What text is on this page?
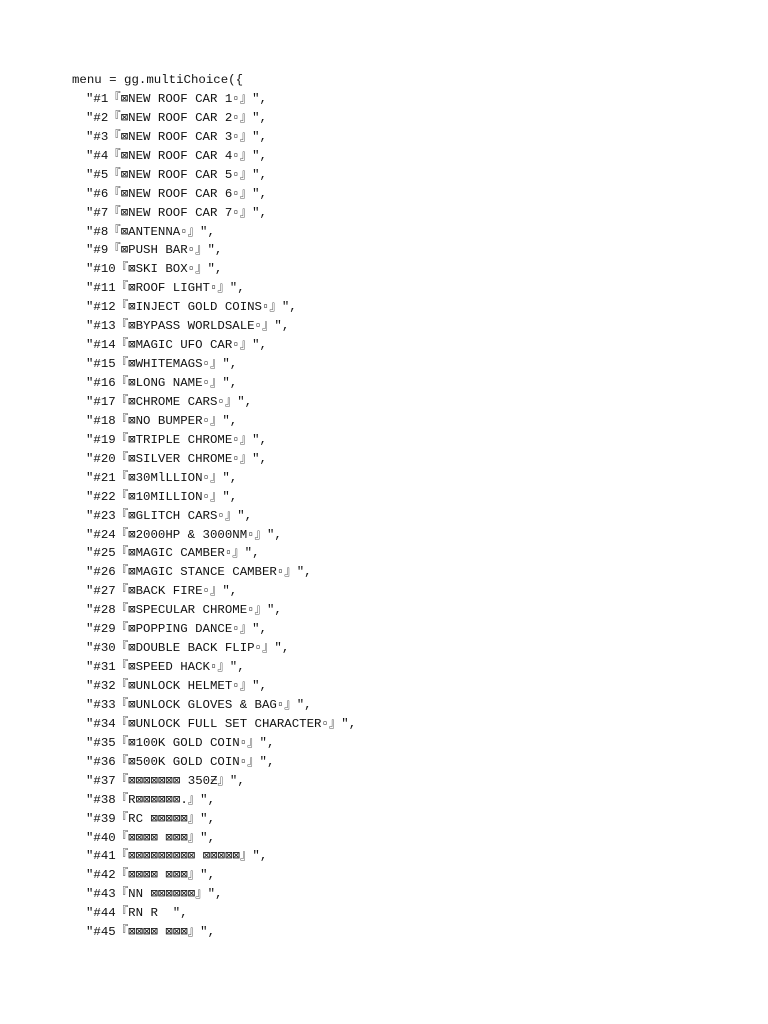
menu = gg.multiChoice({
"#1『⊠NEW ROOF CAR 1▫』",
"#2『⊠NEW ROOF CAR 2▫』",
"#3『⊠NEW ROOF CAR 3▫』",
"#4『⊠NEW ROOF CAR 4▫』",
"#5『⊠NEW ROOF CAR 5▫』",
"#6『⊠NEW ROOF CAR 6▫』",
"#7『⊠NEW ROOF CAR 7▫』",
"#8『⊠ANTENNA▫』",
"#9『⊠PUSH BAR▫』",
"#10『⊠SKI BOX▫』",
"#11『⊠ROOF LIGHT▫』",
"#12『⊠INJECT GOLD COINS▫』",
"#13『⊠BYPASS WORLDSALE▫』",
"#14『⊠MAGIC UFO CAR▫』",
"#15『⊠WHITEMAGS▫』",
"#16『⊠LONG NAME▫』",
"#17『⊠CHROME CARS▫』",
"#18『⊠NO BUMPER▫』",
"#19『⊠TRIPLE CHROME▫』",
"#20『⊠SILVER CHROME▫』",
"#21『⊠30MlLLION▫』",
"#22『⊠10MILLION▫』",
"#23『⊠GLITCH CARS▫』",
"#24『⊠2000HP & 3000NM▫』",
"#25『⊠MAGIC CAMBER▫』",
"#26『⊠MAGIC STANCE CAMBER▫』",
"#27『⊠BACK FIRE▫』",
"#28『⊠SPECULAR CHROME▫』",
"#29『⊠POPPING DANCE▫』",
"#30『⊠DOUBLE BACK FLIP▫』",
"#31『⊠SPEED HACK▫』",
"#32『⊠UNLOCK HELMET▫』",
"#33『⊠UNLOCK GLOVES & BAG▫』",
"#34『⊠UNLOCK FULL SET CHARACTER▫』",
"#35『⊠100K GOLD COIN▫』",
"#36『⊠500K GOLD COIN▫』",
"#37『⊠⊠⊠⊠⊠⊠⊠ 350Ƶ』",
"#38『R⊠⊠⊠⊠⊠⊠.』",
"#39『RC ⊠⊠⊠⊠⊠』",
"#40『⊠⊠⊠⊠ ⊠⊠⊠』",
"#41『⊠⊠⊠⊠⊠⊠⊠⊠⊠ ⊠⊠⊠⊠⊠』",
"#42『⊠⊠⊠⊠ ⊠⊠⊠』",
"#43『NN ⊠⊠⊠⊠⊠⊠』",
"#44『RN R  ",
"#45『⊠⊠⊠⊠ ⊠⊠⊠』",
